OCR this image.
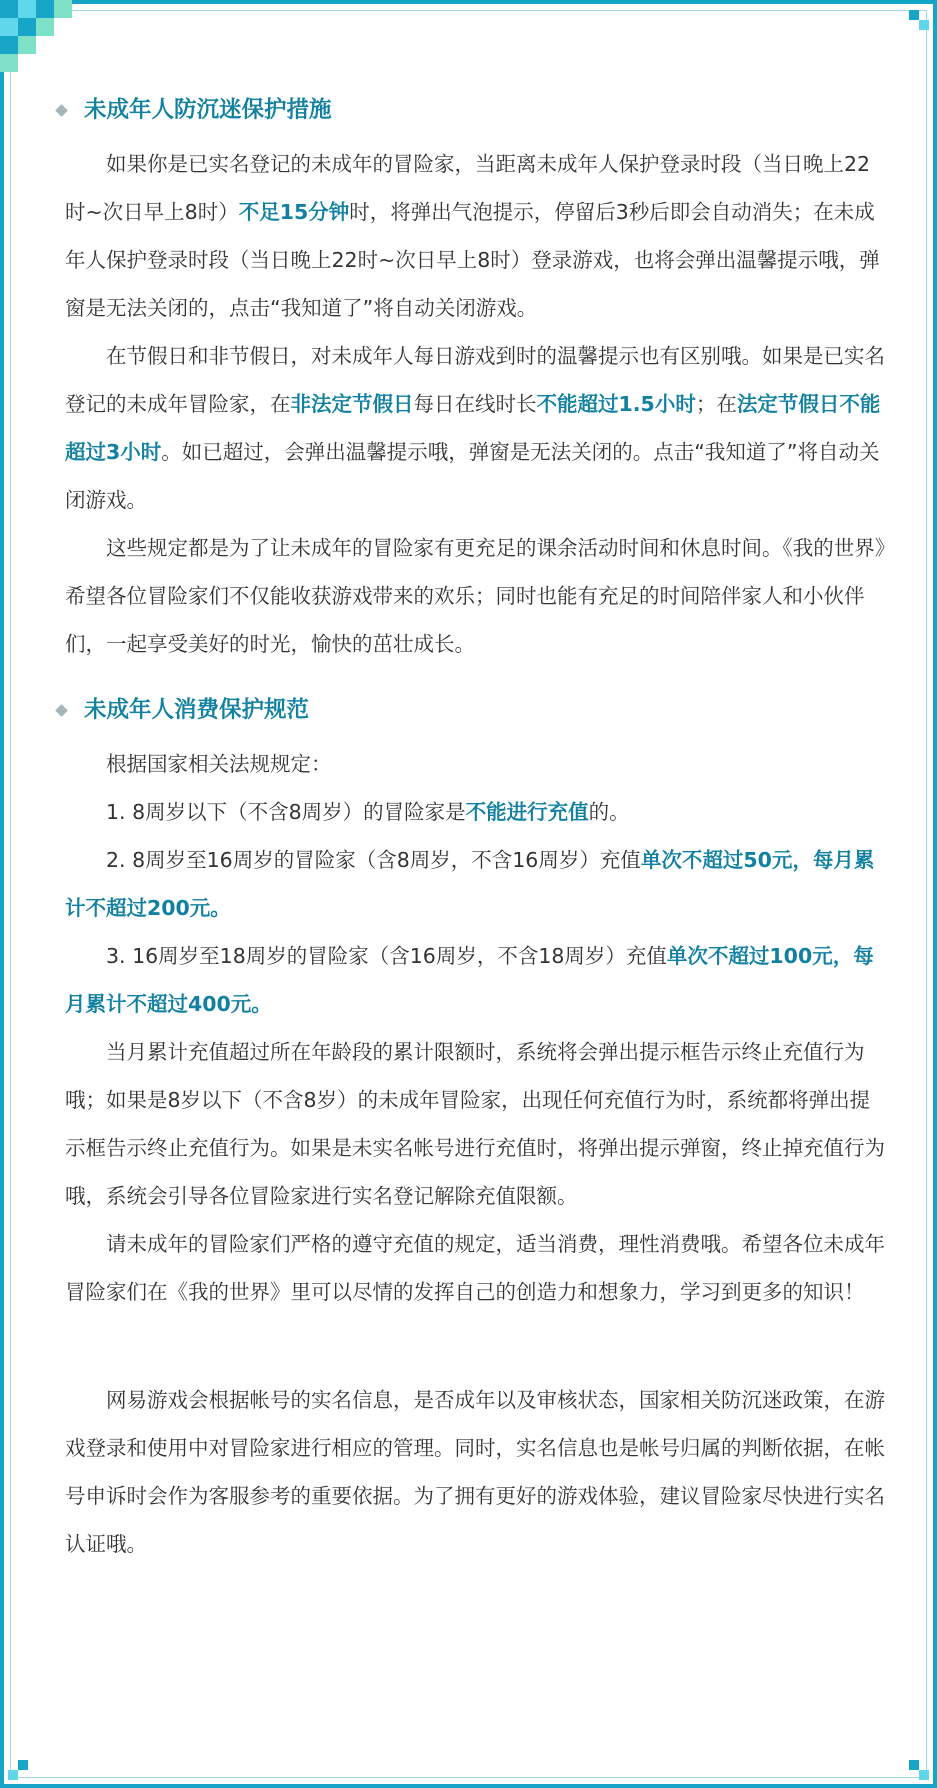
未成年人防沉迷保护措施

如果你是已实名登记的未成年的冒险家，当距离未成年人保护登录时段（当日晚上22时~次日早上8时）不足15分钟时，将弹出气泡提示，停留后3秒后即会自动消失；在未成年人保护登录时段（当日晚上22时~次日早上8时）登录游戏，也将会弹出温馨提示哦，弹窗是无法关闭的，点击“我知道了”将自动关闭游戏。

在节假日和非节假日，对未成年人每日游戏到时的温馨提示也有区别哦。如果是已实名登记的未成年冒险家，在非法定节假日每日在线时长不能超过1.5小时；在法定节假日不能超过3小时。如已超过，会弹出温馨提示哦，弹窗是无法关闭的。点击“我知道了”将自动关闭游戏。

这些规定都是为了让未成年的冒险家有更充足的课余活动时间和休息时间。《我的世界》希望各位冒险家们不仅能收获游戏带来的欢乐；同时也能有充足的时间陪伴家人和小伙伴们，一起享受美好的时光，愉快的茁壮成长。

未成年人消费保护规范

根据国家相关法规规定：

1. 8周岁以下（不含8周岁）的冒险家是不能进行充值的。

2. 8周岁至16周岁的冒险家（含8周岁，不含16周岁）充值单次不超过50元，每月累计不超过200元。

3. 16周岁至18周岁的冒险家（含16周岁，不含18周岁）充值单次不超过100元，每月累计不超过400元。

当月累计充值超过所在年龄段的累计限额时，系统将会弹出提示框告示终止充值行为哦；如果是8岁以下（不含8岁）的未成年冒险家，出现任何充值行为时，系统都将弹出提示框告示终止充值行为。如果是未实名帐号进行充值时，将弹出提示弹窗，终止掉充值行为哦，系统会引导各位冒险家进行实名登记解除充值限额。

请未成年的冒险家们严格的遵守充值的规定，适当消费，理性消费哦。希望各位未成年冒险家们在《我的世界》里可以尽情的发挥自己的创造力和想象力，学习到更多的知识！

网易游戏会根据帐号的实名信息，是否成年以及审核状态，国家相关防沉迷政策，在游戏登录和使用中对冒险家进行相应的管理。同时，实名信息也是帐号归属的判断依据，在帐号申诉时会作为客服参考的重要依据。为了拥有更好的游戏体验，建议冒险家尽快进行实名认证哦。
